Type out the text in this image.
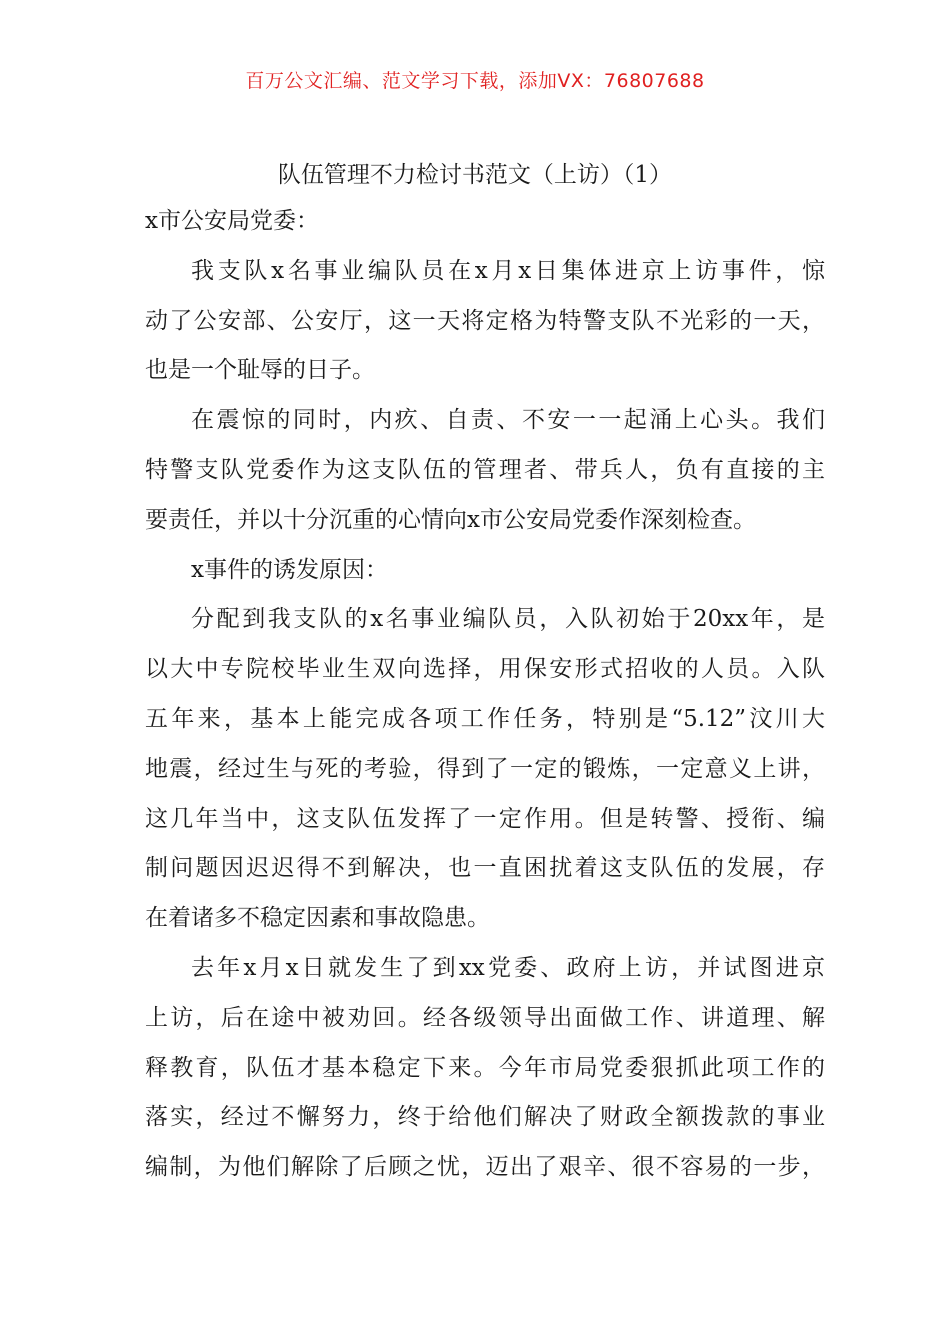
百万公文汇编、范文学习下载，添加VX：76807688
队伍管理不力检讨书范文（上访）（1）
x市公安局党委：
我支队x名事业编队员在x月x日集体进京上访事件，惊
动了公安部、公安厅，这一天将定格为特警支队不光彩的一天，
也是一个耻辱的日子。
在震惊的同时，内疚、自责、不安一一起涌上心头。我们
特警支队党委作为这支队伍的管理者、带兵人，负有直接的主
要责任，并以十分沉重的心情向x市公安局党委作深刻检查。
x事件的诱发原因：
分配到我支队的x名事业编队员，入队初始于20xx年，是
以大中专院校毕业生双向选择，用保安形式招收的人员。入队
五年来，基本上能完成各项工作任务，特别是“5.12”汶川大
地震，经过生与死的考验，得到了一定的锻炼，一定意义上讲，
这几年当中，这支队伍发挥了一定作用。但是转警、授衔、编
制问题因迟迟得不到解决，也一直困扰着这支队伍的发展，存
在着诸多不稳定因素和事故隐患。
去年x月x日就发生了到xx党委、政府上访，并试图进京
上访，后在途中被劝回。经各级领导出面做工作、讲道理、解
释教育，队伍才基本稳定下来。今年市局党委狠抓此项工作的
落实，经过不懈努力，终于给他们解决了财政全额拨款的事业
编制，为他们解除了后顾之忧，迈出了艰辛、很不容易的一步，
